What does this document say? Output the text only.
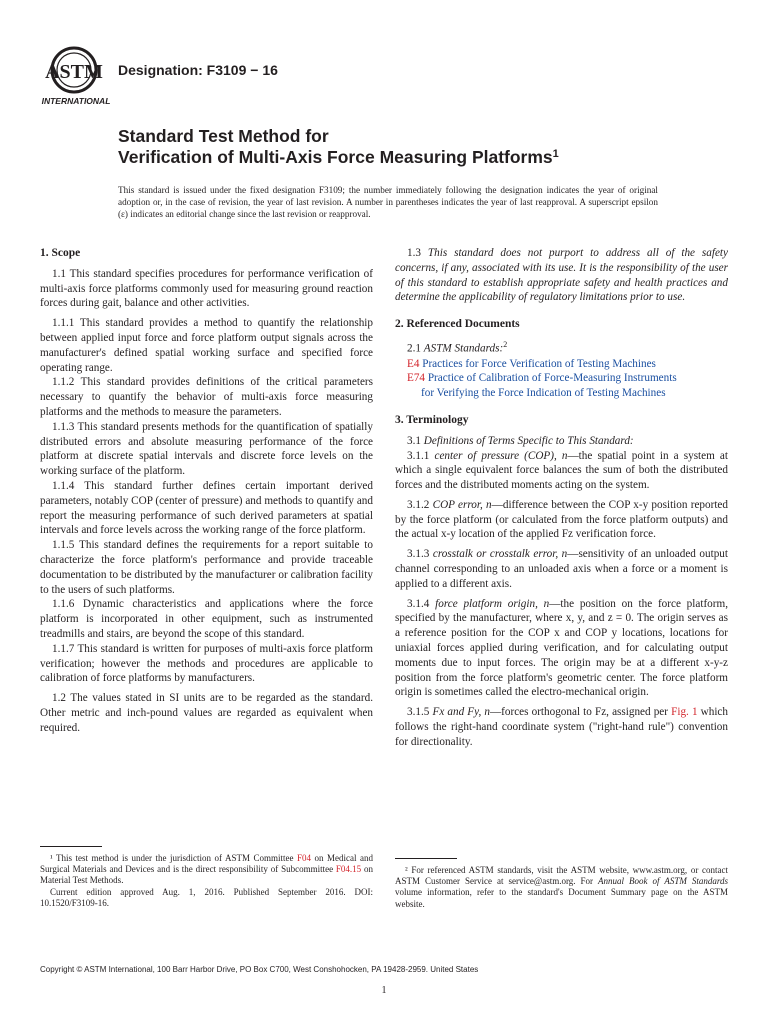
ASTM
INTERNATIONAL
Designation: F3109 − 16
Standard Test Method for
Verification of Multi-Axis Force Measuring Platforms$^1$
This standard is issued under the fixed designation F3109; the number immediately following the designation indicates the year of original adoption or, in the case of revision, the year of last revision. A number in parentheses indicates the year of last reapproval. A superscript epsilon (ε) indicates an editorial change since the last revision or reapproval.
1. Scope

1.1 This standard specifies procedures for performance verification of multi-axis force platforms commonly used for measuring ground reaction forces during gait, balance and other activities.

1.1.1 This standard provides a method to quantify the relationship between applied input force and force platform output signals across the manufacturer's defined spatial working surface and specified force operating range.

1.1.2 This standard provides definitions of the critical parameters necessary to quantify the behavior of multi-axis force measuring platforms and the methods to measure the parameters.

1.1.3 This standard presents methods for the quantification of spatially distributed errors and absolute measuring performance of the force platform at discrete spatial intervals and discrete force levels on the working surface of the platform.

1.1.4 This standard further defines certain important derived parameters, notably COP (center of pressure) and methods to quantify and report the measuring performance of such derived parameters at spatial intervals and force levels across the working range of the force platform.

1.1.5 This standard defines the requirements for a report suitable to characterize the force platform's performance and provide traceable documentation to be distributed by the manufacturer or calibration facility to the users of such platforms.

1.1.6 Dynamic characteristics and applications where the force platform is incorporated in other equipment, such as instrumented treadmills and stairs, are beyond the scope of this standard.

1.1.7 This standard is written for purposes of multi-axis force platform verification; however the methods and procedures are applicable to calibration of force platforms by manufacturers.

1.2 The values stated in SI units are to be regarded as the standard. Other metric and inch-pound values are regarded as equivalent when required.

1.3 This standard does not purport to address all of the safety concerns, if any, associated with its use. It is the responsibility of the user of this standard to establish appropriate safety and health practices and determine the applicability of regulatory limitations prior to use.

2. Referenced Documents

2.1 ASTM Standards:$^2$

E4 Practices for Force Verification of Testing Machines
E74 Practice of Calibration of Force-Measuring Instruments
for Verifying the Force Indication of Testing Machines
3. Terminology

3.1 Definitions of Terms Specific to This Standard:

3.1.1 center of pressure (COP), n—the spatial point in a system at which a single equivalent force balances the sum of both the distributed forces and the distributed moments acting on the system.

3.1.2 COP error, n—difference between the COP x-y position reported by the force platform (or calculated from the force platform outputs) and the actual x-y location of the applied Fz verification force.

3.1.3 crosstalk or crosstalk error, n—sensitivity of an unloaded output channel corresponding to an unloaded axis when a force or a moment is applied to a different axis.

3.1.4 force platform origin, n—the position on the force platform, specified by the manufacturer, where x, y, and z = 0. The origin serves as a reference position for the COP x and COP y locations, locations for uniaxial forces applied during verification, and for calculating output moments due to input forces. The origin may be at a different x-y-z position from the force platform's geometric center. The force platform origin is sometimes called the electro-mechanical origin.

3.1.5 Fx and Fy, n—forces orthogonal to Fz, assigned per Fig. 1 which follows the right-hand coordinate system ("right-hand rule") convention for directionality.

¹ This test method is under the jurisdiction of ASTM Committee F04 on Medical and Surgical Materials and Devices and is the direct responsibility of Subcommittee F04.15 on Material Test Methods.

Current edition approved Aug. 1, 2016. Published September 2016. DOI: 10.1520/F3109-16.

² For referenced ASTM standards, visit the ASTM website, www.astm.org, or contact ASTM Customer Service at service@astm.org. For Annual Book of ASTM Standards volume information, refer to the standard's Document Summary page on the ASTM website.

Copyright © ASTM International, 100 Barr Harbor Drive, PO Box C700, West Conshohocken, PA 19428-2959. United States
1
